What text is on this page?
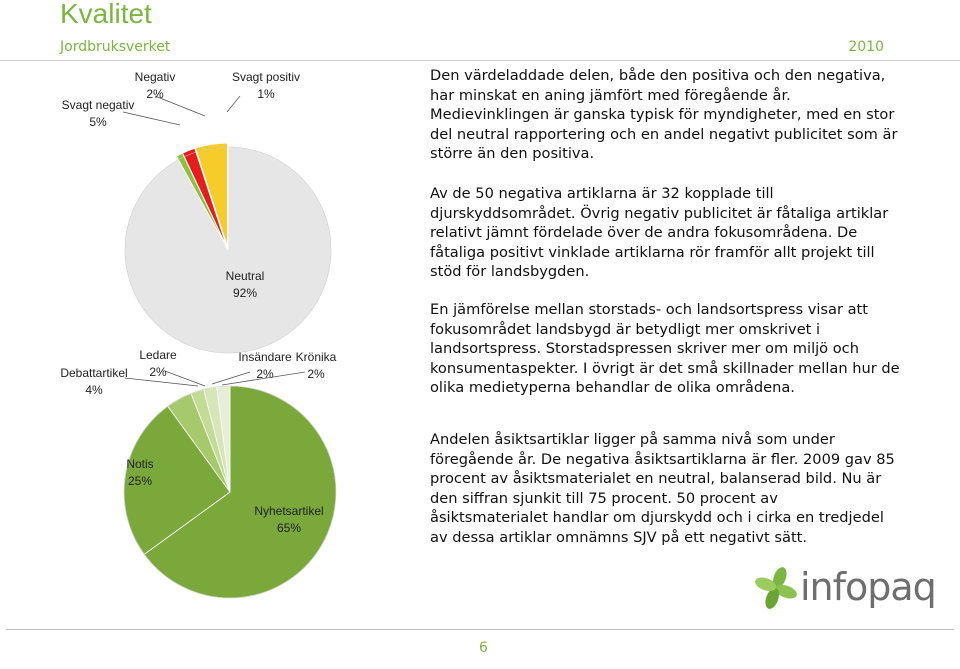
Kvalitet
Jordbruksverket	2010
Neutral
92%
Svagt negativ
5%
Negativ
2%
Svagt positiv
1%
Nyhetsartikel
65%
Notis
25%
Debattartikel
4%
Ledare
2%
Insändare
2%
Krönika
2%

Den värdeladdade delen, både den positiva och den negativa, har minskat en aning jämfört med föregående år. Medievinklingen är ganska typisk för myndigheter, med en stor del neutral rapportering och en andel negativt publicitet som är större än den positiva.

Av de 50 negativa artiklarna är 32 kopplade till djurskyddsområdet. Övrig negativ publicitet är fåtaliga artiklar relativt jämnt fördelade över de andra fokusområdena. De fåtaliga positivt vinklade artiklarna rör framför allt projekt till stöd för landsbygden.

En jämförelse mellan storstads- och landsortspress visar att fokusområdet landsbygd är betydligt mer omskrivet i landsortspress. Storstadspressen skriver mer om miljö och konsumentaspekter. I övrigt är det små skillnader mellan hur de olika medietyperna behandlar de olika områdena.

Andelen åsiktsartiklar ligger på samma nivå som under föregående år. De negativa åsiktsartiklarna är fler. 2009 gav 85 procent av åsiktsmaterialet en neutral, balanserad bild. Nu är den siffran sjunkit till 75 procent. 50 procent av åsiktsmaterialet handlar om djurskydd och i cirka en tredjedel av dessa artiklar omnämns SJV på ett negativt sätt.

infopaq
6
